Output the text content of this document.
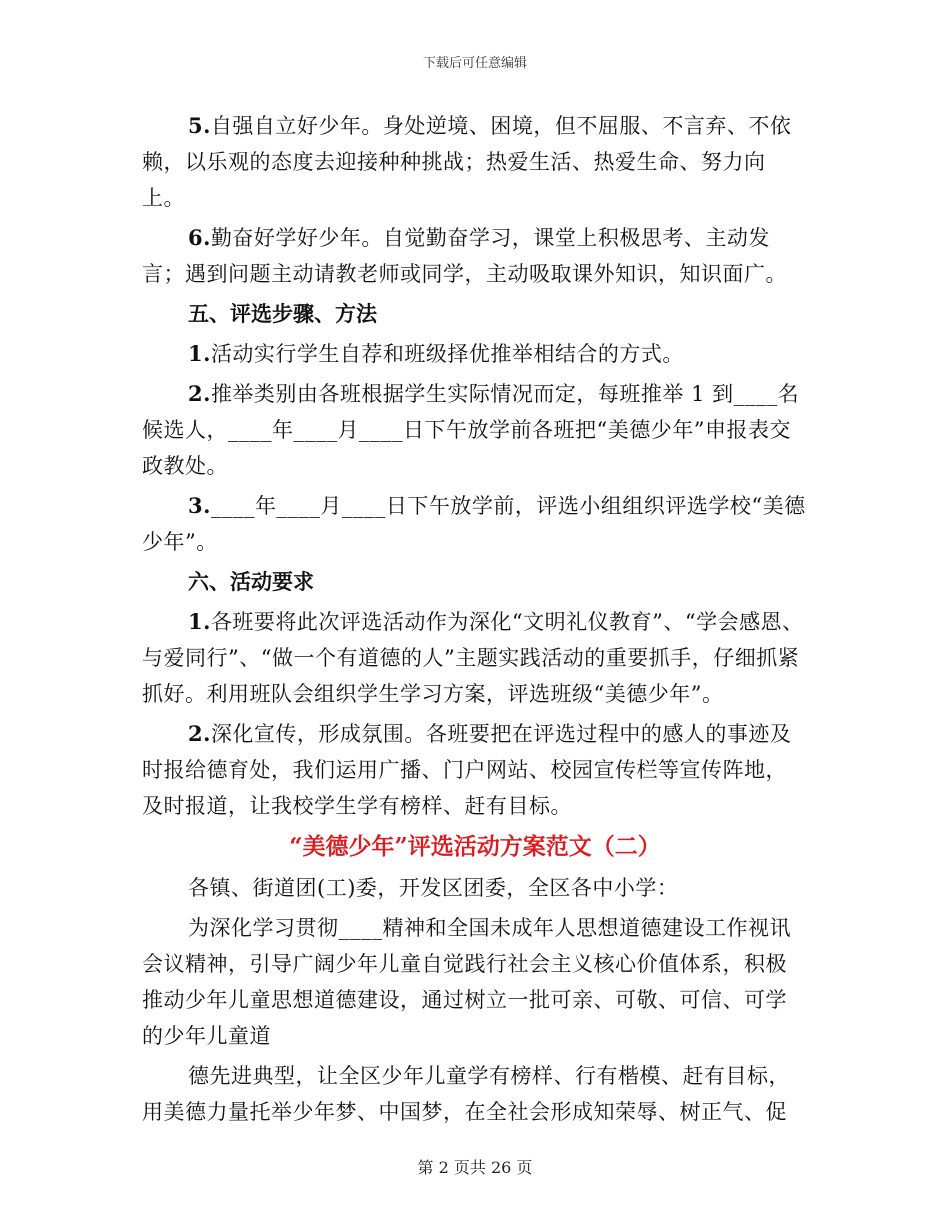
下载后可任意编辑

5.自强自立好少年。身处逆境、困境，但不屈服、不言弃、不依赖，以乐观的态度去迎接种种挑战；热爱生活、热爱生命、努力向上。

6.勤奋好学好少年。自觉勤奋学习，课堂上积极思考、主动发言；遇到问题主动请教老师或同学，主动吸取课外知识，知识面广。

五、评选步骤、方法

1.活动实行学生自荐和班级择优推举相结合的方式。

2.推举类别由各班根据学生实际情况而定，每班推举 1 到____名候选人，____年____月____日下午放学前各班把“美德少年”申报表交政教处。

3.____年____月____日下午放学前，评选小组组织评选学校“美德少年”。

六、活动要求

1.各班要将此次评选活动作为深化“文明礼仪教育”、“学会感恩、与爱同行”、“做一个有道德的人”主题实践活动的重要抓手，仔细抓紧抓好。利用班队会组织学生学习方案，评选班级“美德少年”。

2.深化宣传，形成氛围。各班要把在评选过程中的感人的事迹及时报给德育处，我们运用广播、门户网站、校园宣传栏等宣传阵地，及时报道，让我校学生学有榜样、赶有目标。

“美德少年”评选活动方案范文（二）

各镇、街道团(工)委，开发区团委，全区各中小学：

为深化学习贯彻____精神和全国未成年人思想道德建设工作视讯会议精神，引导广阔少年儿童自觉践行社会主义核心价值体系，积极推动少年儿童思想道德建设，通过树立一批可亲、可敬、可信、可学的少年儿童道

德先进典型，让全区少年儿童学有榜样、行有楷模、赶有目标，用美德力量托举少年梦、中国梦，在全社会形成知荣辱、树正气、促

第 2 页共 26 页
